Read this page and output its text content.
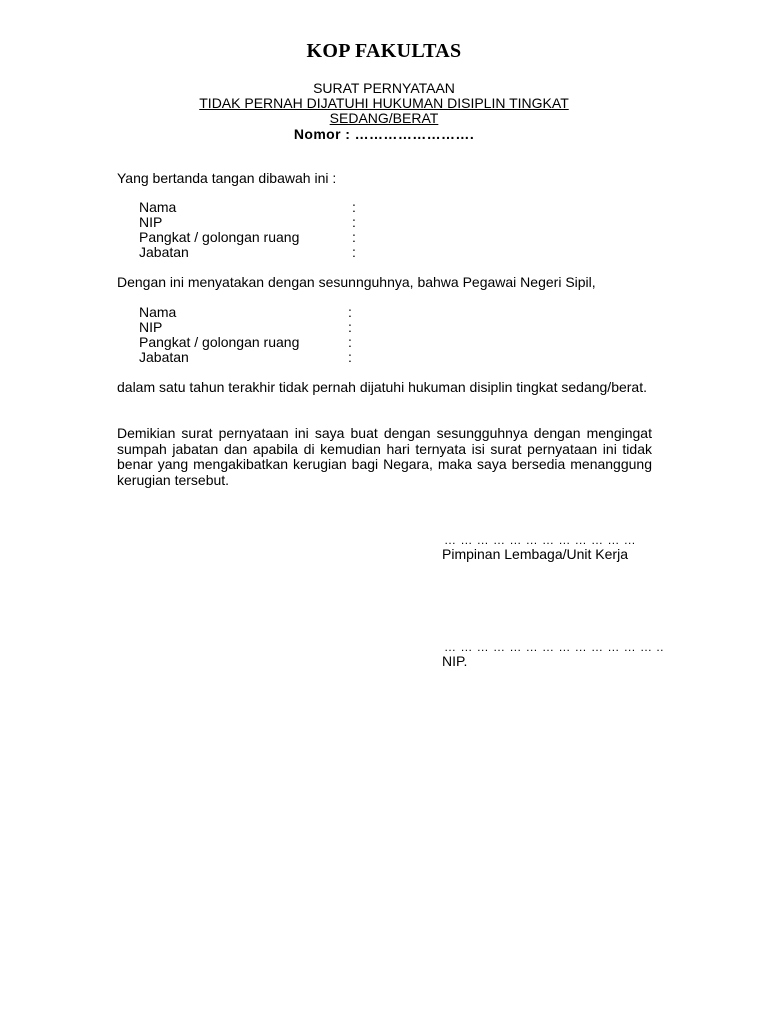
KOP FAKULTAS
SURAT PERNYATAAN
TIDAK PERNAH DIJATUHI HUKUMAN DISIPLIN TINGKAT
SEDANG/BERAT
Nomor : …………………….
Yang bertanda tangan dibawah ini :
Nama	:
NIP	:
Pangkat / golongan ruang	:
Jabatan	:
Dengan ini menyatakan dengan sesunnguhnya, bahwa Pegawai Negeri Sipil,
Nama	:
NIP	:
Pangkat / golongan ruang	:
Jabatan	:
dalam satu tahun terakhir tidak pernah dijatuhi hukuman disiplin tingkat sedang/berat.
Demikian surat pernyataan ini saya buat dengan sesungguhnya dengan mengingat sumpah jabatan dan apabila di kemudian hari ternyata isi surat pernyataan ini tidak benar yang mengakibatkan kerugian bagi Negara, maka saya bersedia menanggung kerugian tersebut.
… … … … … … … … … … … …
Pimpinan Lembaga/Unit Kerja
… … … … … … … … … … … … … ..
NIP.
